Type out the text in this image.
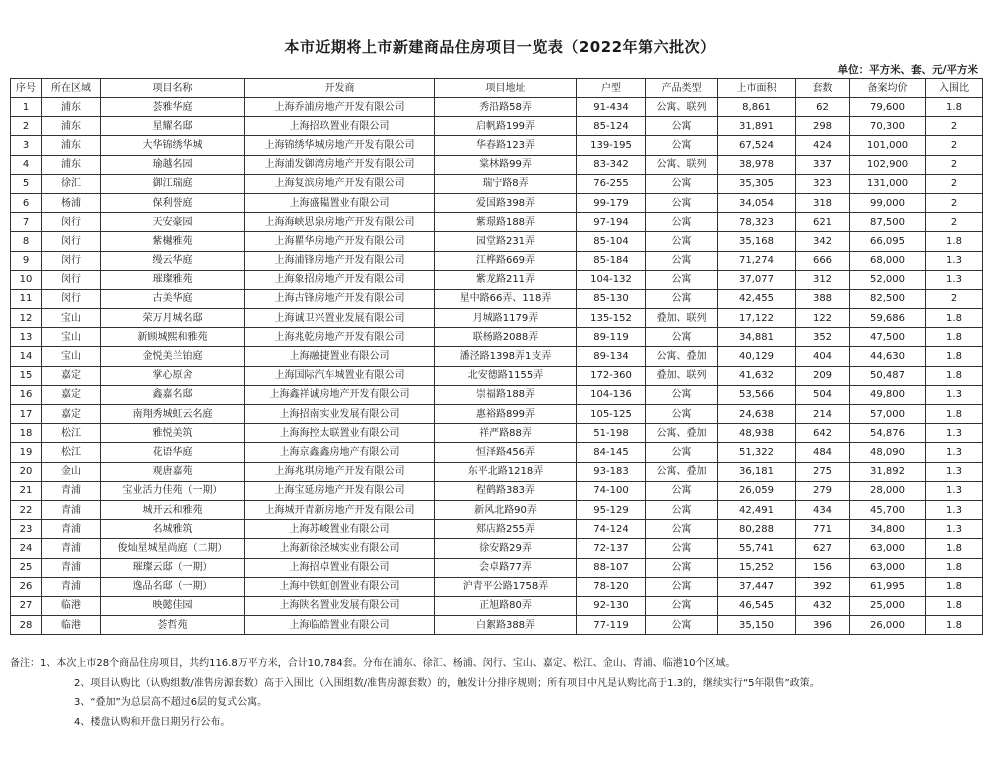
本市近期将上市新建商品住房项目一览表（2022年第六批次）
单位：平方米、套、元/平方米
序号	所在区域	项目名称	开发商	项目地址	户型	产品类型	上市面积	套数	备案均价	入围比
1	浦东	荟雅华庭	上海乔浦房地产开发有限公司	秀沿路58弄	91-434	公寓、联列	8,861	62	79,600	1.8
2	浦东	星耀名邸	上海招玖置业有限公司	启帆路199弄	85-124	公寓	31,891	298	70,300	2
3	浦东	大华锦绣华城	上海锦绣华城房地产开发有限公司	华春路123弄	139-195	公寓	67,524	424	101,000	2
4	浦东	瑜越名园	上海浦发御湾房地产开发有限公司	棠林路99弄	83-342	公寓、联列	38,978	337	102,900	2
5	徐汇	御江瑞庭	上海复滨房地产开发有限公司	瑞宁路8弄	76-255	公寓	35,305	323	131,000	2
6	杨浦	保利誉庭	上海盛韫置业有限公司	爱国路398弄	99-179	公寓	34,054	318	99,000	2
7	闵行	天安豪园	上海海峡思泉房地产开发有限公司	紫璟路188弄	97-194	公寓	78,323	621	87,500	2
8	闵行	紫樾雅苑	上海瞿华房地产开发有限公司	园堂路231弄	85-104	公寓	35,168	342	66,095	1.8
9	闵行	缦云华庭	上海浦锋房地产开发有限公司	江桦路669弄	85-184	公寓	71,274	666	68,000	1.3
10	闵行	璀璨雅苑	上海象招房地产开发有限公司	紫龙路211弄	104-132	公寓	37,077	312	52,000	1.3
11	闵行	古美华庭	上海古锋房地产开发有限公司	星中路66弄、118弄	85-130	公寓	42,455	388	82,500	2
12	宝山	荣万月城名邸	上海诚卫兴置业发展有限公司	月城路1179弄	135-152	叠加、联列	17,122	122	59,686	1.8
13	宝山	新顾城熙和雅苑	上海兆乾房地产开发有限公司	联杨路2088弄	89-119	公寓	34,881	352	47,500	1.8
14	宝山	金悦美兰铂庭	上海融捷置业有限公司	潘泾路1398弄1支弄	89-134	公寓、叠加	40,129	404	44,630	1.8
15	嘉定	掌心原舍	上海国际汽车城置业有限公司	北安德路1155弄	172-360	叠加、联列	41,632	209	50,487	1.8
16	嘉定	鑫嘉名邸	上海鑫祥诚房地产开发有限公司	崇福路188弄	104-136	公寓	53,566	504	49,800	1.3
17	嘉定	南翔秀城虹云名庭	上海招南实业发展有限公司	惠裕路899弄	105-125	公寓	24,638	214	57,000	1.8
18	松江	雅悦美筑	上海海控太联置业有限公司	祥严路88弄	51-198	公寓、叠加	48,938	642	54,876	1.3
19	松江	花语华庭	上海京鑫鑫房地产有限公司	恒泽路456弄	84-145	公寓	51,322	484	48,090	1.3
20	金山	观唐嘉苑	上海兆琪房地产开发有限公司	东平北路1218弄	93-183	公寓、叠加	36,181	275	31,892	1.3
21	青浦	宝业活力佳苑（一期）	上海宝延房地产开发有限公司	程鹤路383弄	74-100	公寓	26,059	279	28,000	1.3
22	青浦	城开云和雅苑	上海城开青新房地产开发有限公司	新风北路90弄	95-129	公寓	42,491	434	45,700	1.3
23	青浦	名城雅筑	上海苏峻置业有限公司	郏店路255弄	74-124	公寓	80,288	771	34,800	1.3
24	青浦	俊灿星城星尚庭（二期）	上海新徐泾城实业有限公司	徐安路29弄	72-137	公寓	55,741	627	63,000	1.8
25	青浦	璀璨云邸（一期）	上海招卓置业有限公司	会卓路77弄	88-107	公寓	15,252	156	63,000	1.8
26	青浦	逸品名邸（一期）	上海中铁虹创置业有限公司	沪青平公路1758弄	78-120	公寓	37,447	392	61,995	1.8
27	临港	映懿佳园	上海陕名置业发展有限公司	正旭路80弄	92-130	公寓	46,545	432	25,000	1.8
28	临港	荟哲苑	上海临皓置业有限公司	白絮路388弄	77-119	公寓	35,150	396	26,000	1.8
备注：1、本次上市28个商品住房项目，共约116.8万平方米，合计10,784套。分布在浦东、徐汇、杨浦、闵行、宝山、嘉定、松江、金山、青浦、临港10个区域。
2、项目认购比（认购组数/准售房源套数）高于入围比（入围组数/准售房源套数）的，触发计分排序规则；所有项目中凡是认购比高于1.3的，继续实行“5年限售”政策。
3、“叠加”为总层高不超过6层的复式公寓。
4、楼盘认购和开盘日期另行公布。
